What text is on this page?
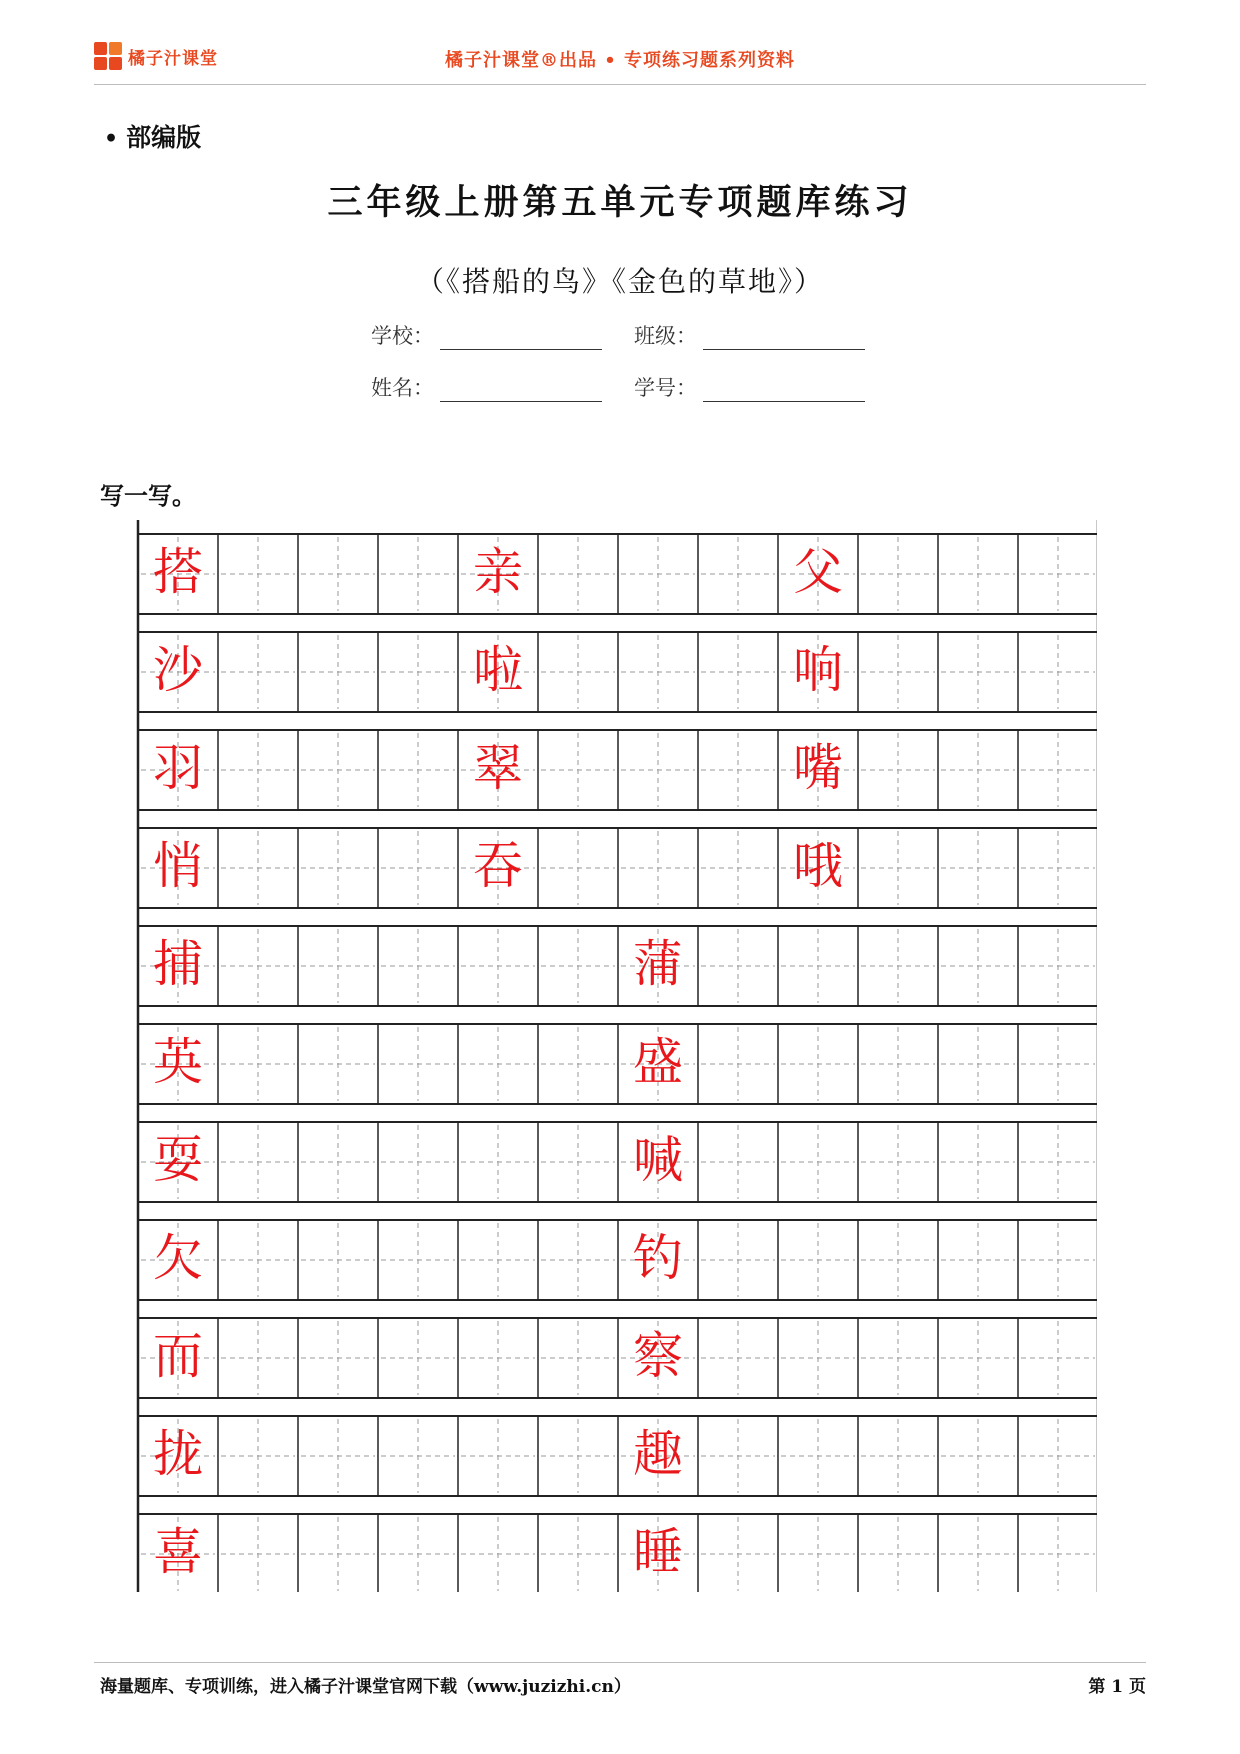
橘子汁课堂	橘子汁课堂®出品 • 专项练习题系列资料
• 部编版
三年级上册第五单元专项题库练习
（《搭船的鸟》《金色的草地》）
学校：	班级：
姓名：	学号：
写一写。
搭	亲	父
沙	啦	响
羽	翠	嘴
悄	吞	哦
捕	蒲
英	盛
耍	喊
欠	钓
而	察
拢	趣
喜	睡
海量题库、专项训练，进入橘子汁课堂官网下载（www.juzizhi.cn）	第 1 页
